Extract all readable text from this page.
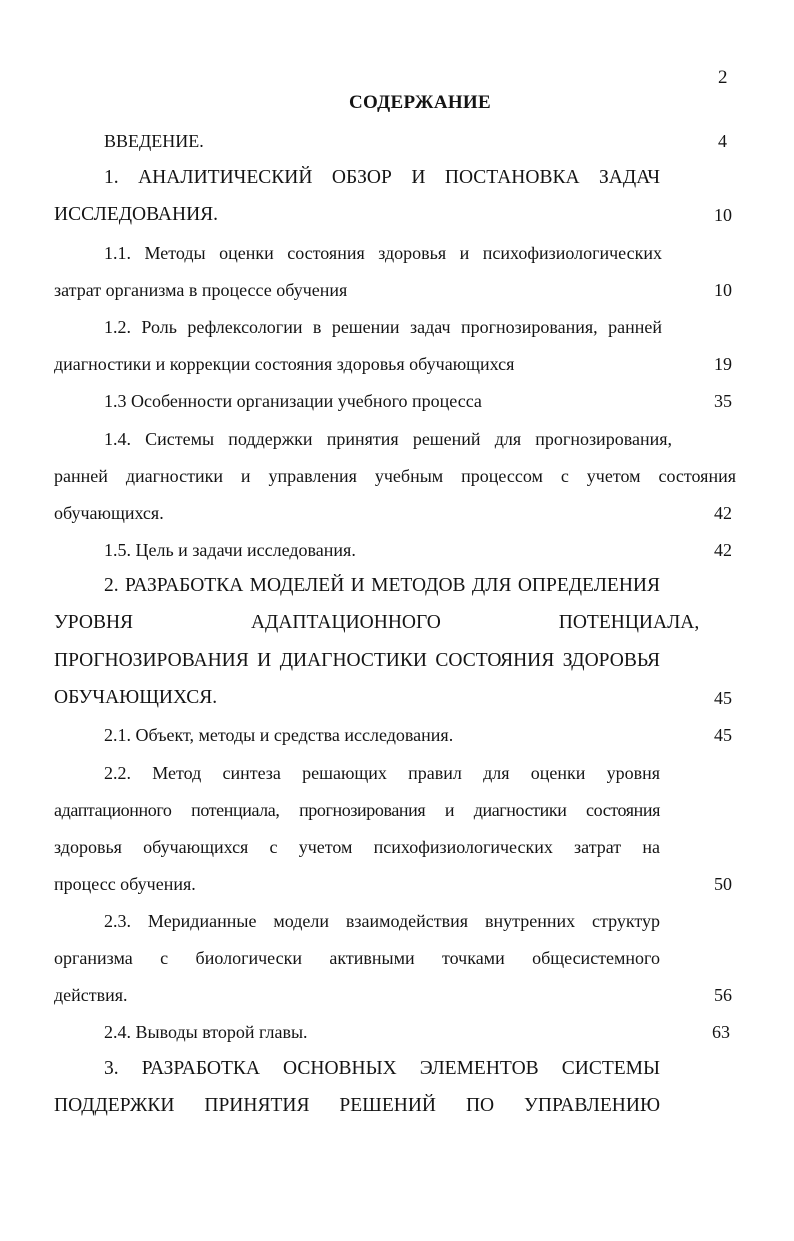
2
СОДЕРЖАНИЕ
ВВЕДЕНИЕ.	4
1. АНАЛИТИЧЕСКИЙ ОБЗОР И ПОСТАНОВКА ЗАДАЧ
ИССЛЕДОВАНИЯ.	10
1.1. Методы оценки состояния здоровья и психофизиологических
затрат организма в процессе обучения	10
1.2. Роль рефлексологии в решении задач прогнозирования, ранней
диагностики и коррекции состояния здоровья обучающихся	19
1.3 Особенности организации учебного процесса	35
1.4. Системы поддержки принятия решений для прогнозирования,
ранней диагностики и управления учебным процессом с учетом состояния
обучающихся.	42
1.5. Цель и задачи исследования.	42
2. РАЗРАБОТКА МОДЕЛЕЙ И МЕТОДОВ ДЛЯ ОПРЕДЕЛЕНИЯ
УРОВНЯ АДАПТАЦИОННОГО ПОТЕНЦИАЛА,
ПРОГНОЗИРОВАНИЯ И ДИАГНОСТИКИ СОСТОЯНИЯ ЗДОРОВЬЯ
ОБУЧАЮЩИХСЯ.	45
2.1. Объект, методы и средства исследования.	45
2.2. Метод синтеза решающих правил для оценки уровня
адаптационного потенциала, прогнозирования и диагностики состояния
здоровья обучающихся с учетом психофизиологических затрат на
процесс обучения.	50
2.3. Меридианные модели взаимодействия внутренних структур
организма с биологически активными точками общесистемного
действия.	56
2.4. Выводы второй главы.	63
3. РАЗРАБОТКА ОСНОВНЫХ ЭЛЕМЕНТОВ СИСТЕМЫ
ПОДДЕРЖКИ ПРИНЯТИЯ РЕШЕНИЙ ПО УПРАВЛЕНИЮ
